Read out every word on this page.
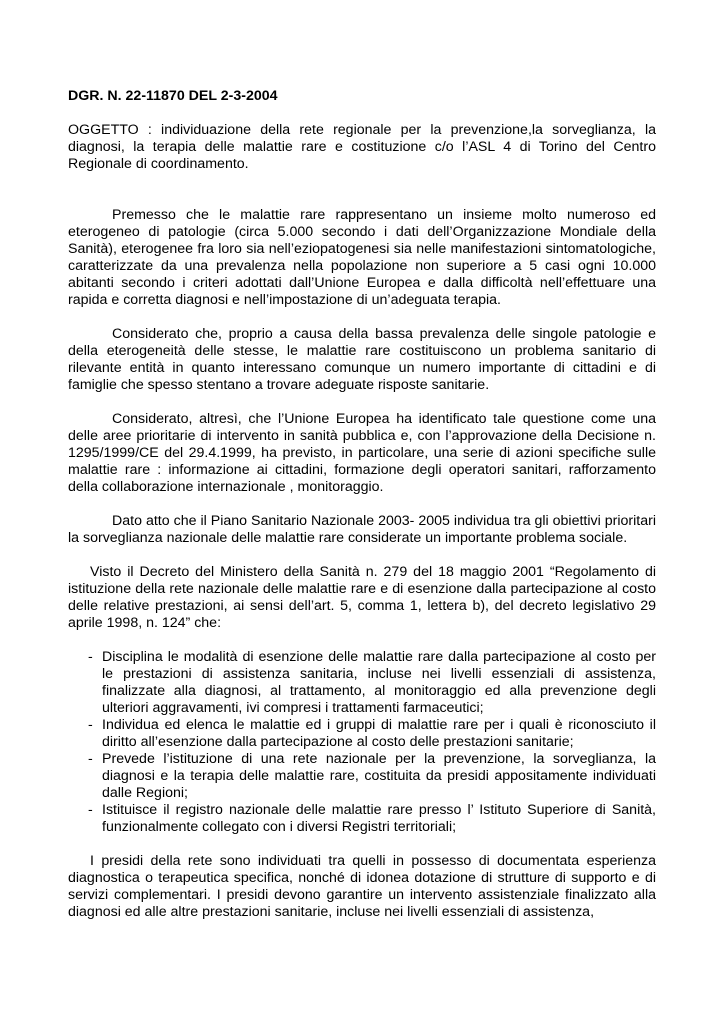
DGR. N. 22-11870 DEL 2-3-2004

OGGETTO : individuazione della rete regionale per la prevenzione,la sorveglianza, la diagnosi, la terapia delle malattie rare e costituzione c/o l’ASL 4 di Torino del Centro Regionale di coordinamento.

Premesso che le malattie rare rappresentano un insieme molto numeroso ed eterogeneo di patologie (circa 5.000 secondo i dati dell’Organizzazione Mondiale della Sanità), eterogenee fra loro sia nell’eziopatogenesi sia nelle manifestazioni sintomatologiche, caratterizzate da una prevalenza nella popolazione non superiore a 5 casi ogni 10.000 abitanti secondo i criteri adottati dall’Unione Europea e dalla difficoltà nell’effettuare una rapida e corretta diagnosi e nell’impostazione di un’adeguata terapia.

Considerato che, proprio a causa della bassa prevalenza delle singole patologie e della eterogeneità delle stesse, le malattie rare costituiscono un problema sanitario di rilevante entità in quanto interessano comunque un numero importante di cittadini e di famiglie che spesso stentano a trovare adeguate risposte sanitarie.

Considerato, altresì, che l’Unione Europea ha identificato tale questione come una delle aree prioritarie di intervento in sanità pubblica e, con l’approvazione della Decisione n. 1295/1999/CE del 29.4.1999, ha previsto, in particolare, una serie di azioni specifiche sulle malattie rare : informazione ai cittadini, formazione degli operatori sanitari, rafforzamento della collaborazione internazionale , monitoraggio.

Dato atto che il Piano Sanitario Nazionale 2003- 2005 individua tra gli obiettivi prioritari la sorveglianza nazionale delle malattie rare considerate un importante problema sociale.

Visto il Decreto del Ministero della Sanità n. 279 del 18 maggio 2001 “Regolamento di istituzione della rete nazionale delle malattie rare e di esenzione dalla partecipazione al costo delle relative prestazioni, ai sensi dell’art. 5, comma 1, lettera b), del decreto legislativo 29 aprile 1998, n. 124” che:

- Disciplina le modalità di esenzione delle malattie rare dalla partecipazione al costo per le prestazioni di assistenza sanitaria, incluse nei livelli essenziali di assistenza, finalizzate alla diagnosi, al trattamento, al monitoraggio ed alla prevenzione degli ulteriori aggravamenti, ivi compresi i trattamenti farmaceutici;
- Individua ed elenca le malattie ed i gruppi di malattie rare per i quali è riconosciuto il diritto all’esenzione dalla partecipazione al costo delle prestazioni sanitarie;
- Prevede l’istituzione di una rete nazionale per la prevenzione, la sorveglianza, la diagnosi e la terapia delle malattie rare, costituita da presidi appositamente individuati dalle Regioni;
- Istituisce il registro nazionale delle malattie rare presso l’ Istituto Superiore di Sanità, funzionalmente collegato con i diversi Registri territoriali;

I presidi della rete sono individuati tra quelli in possesso di documentata esperienza diagnostica o terapeutica specifica, nonché di idonea dotazione di strutture di supporto e di servizi complementari. I presidi devono garantire un intervento assistenziale finalizzato alla diagnosi ed alle altre prestazioni sanitarie, incluse nei livelli essenziali di assistenza,
